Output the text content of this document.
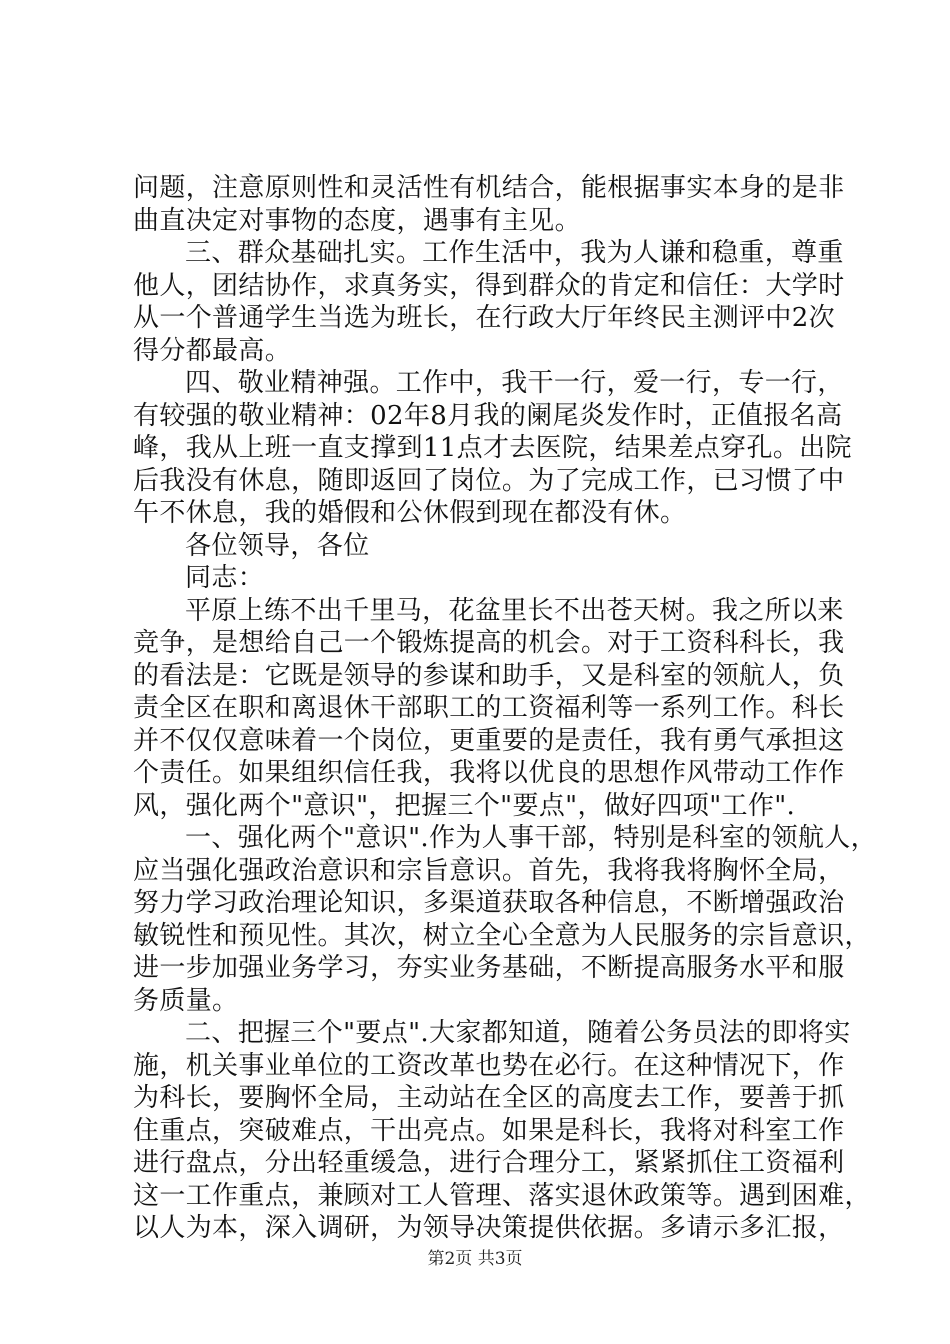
问题，注意原则性和灵活性有机结合，能根据事实本身的是非
曲直决定对事物的态度，遇事有主见。
三、群众基础扎实。工作生活中，我为人谦和稳重，尊重
他人，团结协作，求真务实，得到群众的肯定和信任：大学时
从一个普通学生当选为班长，在行政大厅年终民主测评中2次
得分都最高。
四、敬业精神强。工作中，我干一行，爱一行，专一行，
有较强的敬业精神：02年8月我的阑尾炎发作时，正值报名高
峰，我从上班一直支撑到11点才去医院，结果差点穿孔。出院
后我没有休息，随即返回了岗位。为了完成工作，已习惯了中
午不休息，我的婚假和公休假到现在都没有休。
各位领导，各位
同志：
平原上练不出千里马，花盆里长不出苍天树。我之所以来
竞争，是想给自己一个锻炼提高的机会。对于工资科科长，我
的看法是：它既是领导的参谋和助手，又是科室的领航人，负
责全区在职和离退休干部职工的工资福利等一系列工作。科长
并不仅仅意味着一个岗位，更重要的是责任，我有勇气承担这
个责任。如果组织信任我，我将以优良的思想作风带动工作作
风，强化两个"意识"，把握三个"要点"，做好四项"工作".
一、强化两个"意识".作为人事干部，特别是科室的领航人，
应当强化强政治意识和宗旨意识。首先，我将我将胸怀全局，
努力学习政治理论知识，多渠道获取各种信息，不断增强政治
敏锐性和预见性。其次，树立全心全意为人民服务的宗旨意识，
进一步加强业务学习，夯实业务基础，不断提高服务水平和服
务质量。
二、把握三个"要点".大家都知道，随着公务员法的即将实
施，机关事业单位的工资改革也势在必行。在这种情况下，作
为科长，要胸怀全局，主动站在全区的高度去工作，要善于抓
住重点，突破难点，干出亮点。如果是科长，我将对科室工作
进行盘点，分出轻重缓急，进行合理分工，紧紧抓住工资福利
这一工作重点，兼顾对工人管理、落实退休政策等。遇到困难，
以人为本，深入调研，为领导决策提供依据。多请示多汇报，
第2页 共3页
